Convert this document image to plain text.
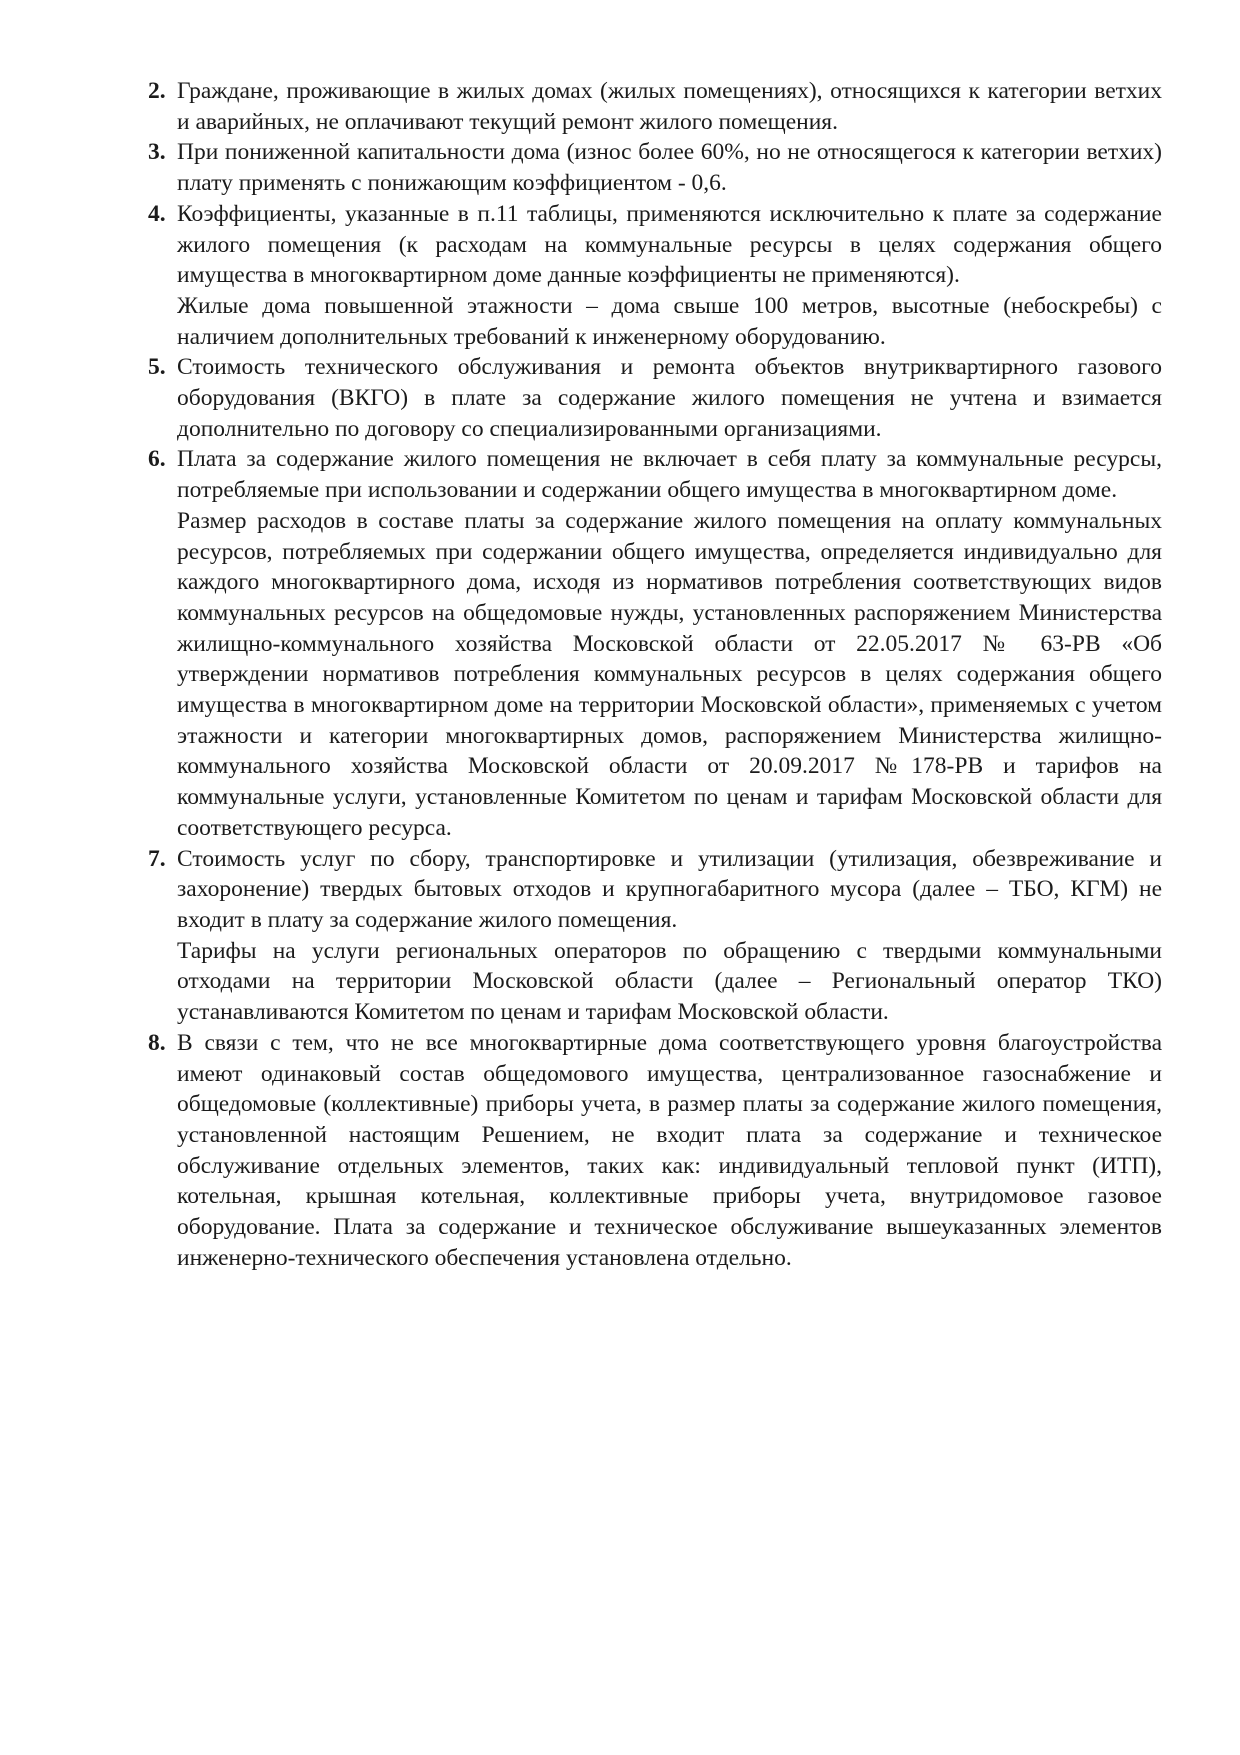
2. Граждане, проживающие в жилых домах (жилых помещениях), относящихся к категории ветхих и аварийных, не оплачивают текущий ремонт жилого помещения.

3. При пониженной капитальности дома (износ более 60%, но не относящегося к категории ветхих) плату применять с понижающим коэффициентом - 0,6.

4. Коэффициенты, указанные в п.11 таблицы, применяются исключительно к плате за содержание жилого помещения (к расходам на коммунальные ресурсы в целях содержания общего имущества в многоквартирном доме данные коэффициенты не применяются).

Жилые дома повышенной этажности – дома свыше 100 метров, высотные (небоскребы) с наличием дополнительных требований к инженерному оборудованию.

5. Стоимость технического обслуживания и ремонта объектов внутриквартирного газового оборудования (ВКГО) в плате за содержание жилого помещения не учтена и взимается дополнительно по договору со специализированными организациями.

6. Плата за содержание жилого помещения не включает в себя плату за коммунальные ресурсы, потребляемые при использовании и содержании общего имущества в многоквартирном доме.

Размер расходов в составе платы за содержание жилого помещения на оплату коммунальных ресурсов, потребляемых при содержании общего имущества, определяется индивидуально для каждого многоквартирного дома, исходя из нормативов потребления соответствующих видов коммунальных ресурсов на общедомовые нужды, установленных распоряжением Министерства жилищно-коммунального хозяйства Московской области от 22.05.2017 № 63-РВ «Об утверждении нормативов потребления коммунальных ресурсов в целях содержания общего имущества в многоквартирном доме на территории Московской области», применяемых с учетом этажности и категории многоквартирных домов, распоряжением Министерства жилищно-коммунального хозяйства Московской области от 20.09.2017 №178-РВ и тарифов на коммунальные услуги, установленные Комитетом по ценам и тарифам Московской области для соответствующего ресурса.

7. Стоимость услуг по сбору, транспортировке и утилизации (утилизация, обезвреживание и захоронение) твердых бытовых отходов и крупногабаритного мусора (далее – ТБО, КГМ) не входит в плату за содержание жилого помещения.

Тарифы на услуги региональных операторов по обращению с твердыми коммунальными отходами на территории Московской области (далее – Региональный оператор ТКО) устанавливаются Комитетом по ценам и тарифам Московской области.

8. В связи с тем, что не все многоквартирные дома соответствующего уровня благоустройства имеют одинаковый состав общедомового имущества, централизованное газоснабжение и общедомовые (коллективные) приборы учета, в размер платы за содержание жилого помещения, установленной настоящим Решением, не входит плата за содержание и техническое обслуживание отдельных элементов, таких как: индивидуальный тепловой пункт (ИТП), котельная, крышная котельная, коллективные приборы учета, внутридомовое газовое оборудование. Плата за содержание и техническое обслуживание вышеуказанных элементов инженерно-технического обеспечения установлена отдельно.
